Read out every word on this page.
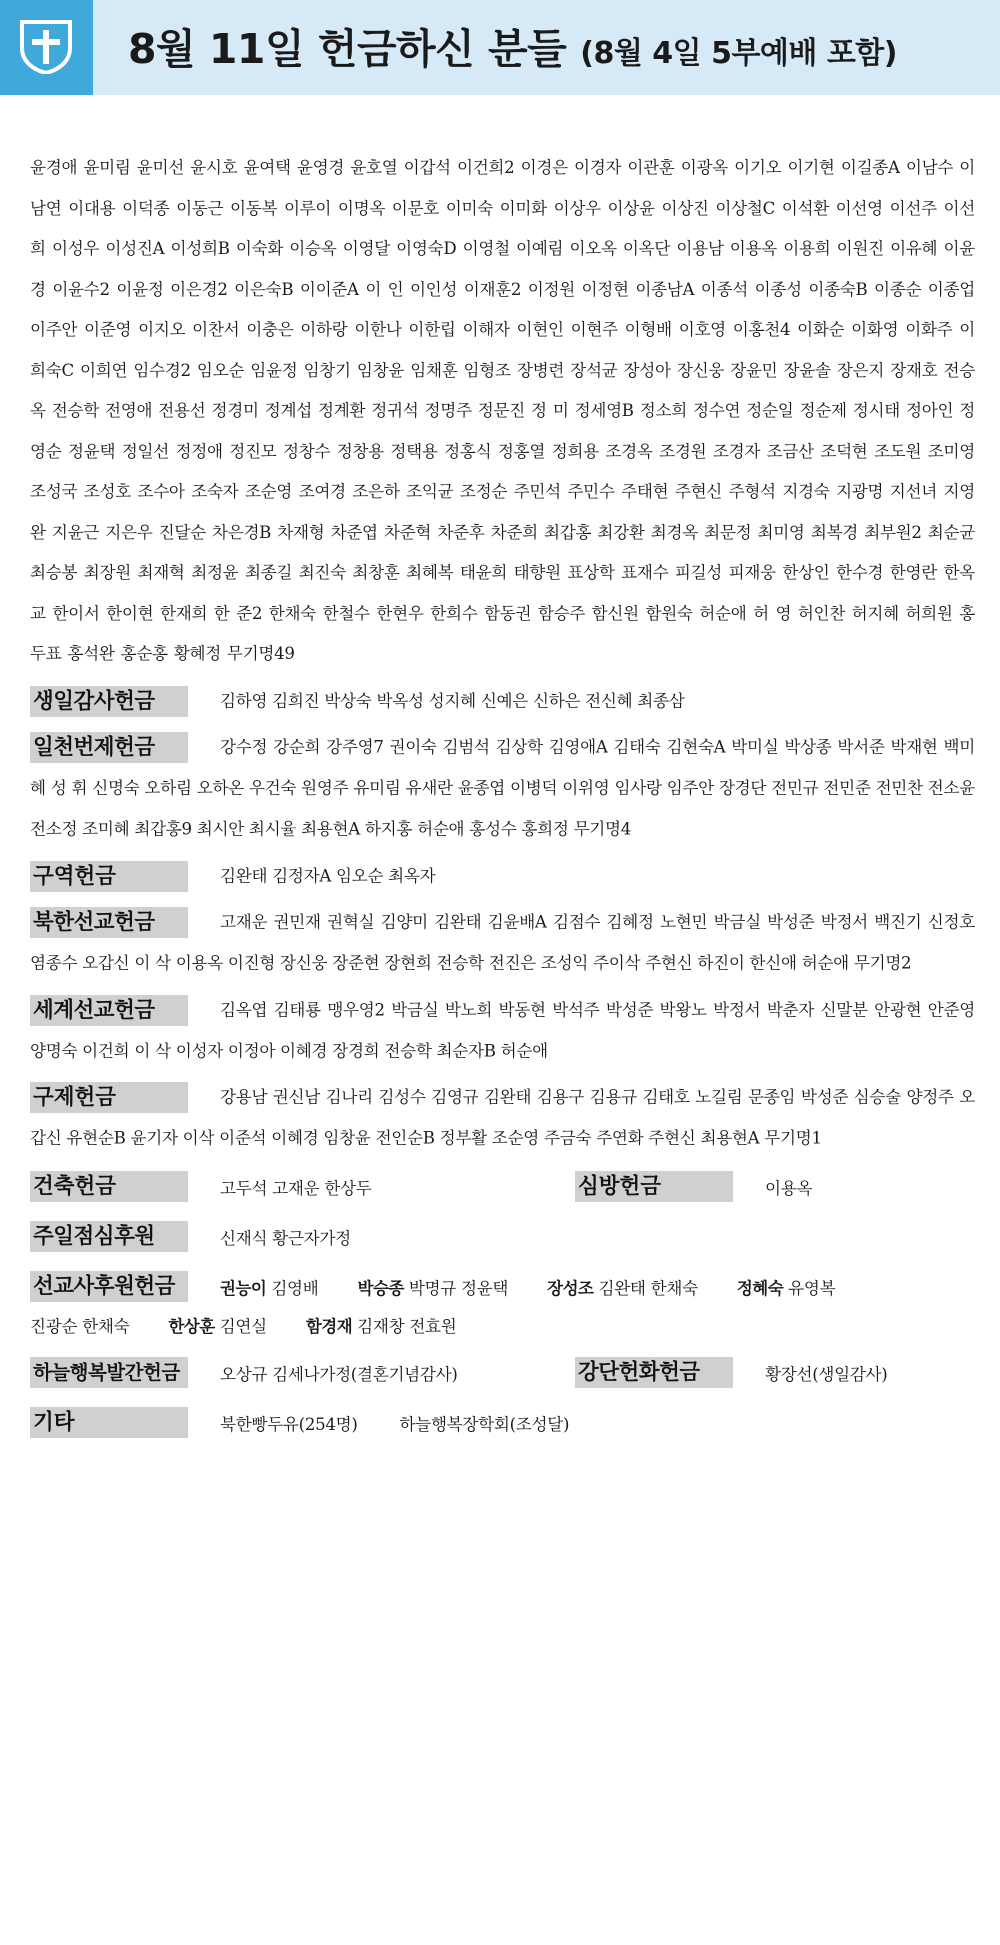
8월 11일 헌금하신 분들 (8월 4일 5부예배 포함)

윤경애 윤미림 윤미선 윤시호 윤여택 윤영경 윤호열 이갑석 이건희2 이경은 이경자 이관훈 이광옥 이기오 이기현 이길종A 이남수 이남연 이대용 이덕종 이동근 이동복 이루이 이명옥 이문호 이미숙 이미화 이상우 이상윤 이상진 이상철C 이석환 이선영 이선주 이선희 이성우 이성진A 이성희B 이숙화 이승옥 이영달 이영숙D 이영철 이예림 이오옥 이옥단 이용남 이용옥 이용희 이원진 이유혜 이윤경 이윤수2 이윤정 이은경2 이은숙B 이이준A 이 인 이인성 이재훈2 이정원 이정현 이종남A 이종석 이종성 이종숙B 이종순 이종업 이주안 이준영 이지오 이찬서 이충은 이하랑 이한나 이한립 이해자 이현인 이현주 이형배 이호영 이홍천4 이화순 이화영 이화주 이희숙C 이희연 임수경2 임오순 임윤정 임창기 임창윤 임채훈 임형조 장병련 장석균 장성아 장신웅 장윤민 장윤솔 장은지 장재호 전승옥 전승학 전영애 전용선 정경미 정계섭 정계환 정귀석 정명주 정문진 정 미 정세영B 정소희 정수연 정순일 정순제 정시태 정아인 정영순 정윤택 정일선 정정애 정진모 정창수 정창용 정택용 정홍식 정홍열 정희용 조경옥 조경원 조경자 조금산 조덕현 조도원 조미영 조성국 조성호 조수아 조숙자 조순영 조여경 조은하 조익균 조정순 주민석 주민수 주태현 주현신 주형석 지경숙 지광명 지선녀 지영완 지윤근 지은우 진달순 차은경B 차재형 차준엽 차준혁 차준후 차준희 최갑홍 최강환 최경옥 최문정 최미영 최복경 최부원2 최순균 최승봉 최장원 최재혁 최정윤 최종길 최진숙 최창훈 최혜복 태윤희 태향원 표상학 표재수 피길성 피재웅 한상인 한수경 한영란 한옥교 한이서 한이현 한재희 한 준2 한채숙 한철수 한현우 한희수 함동권 함승주 함신원 함원숙 허순애 허 영 허인찬 허지혜 허희원 홍두표 홍석완 홍순홍 황혜정 무기명49

생일감사헌금	김하영 김희진 박상숙 박옥성 성지혜 신예은 신하은 전신혜 최종삼
일천번제헌금	강수정 강순희 강주영7 권이숙 김범석 김상학 김영애A 김태숙 김현숙A 박미실 박상종 박서준 박재현 백미혜 성 휘 신명숙 오하림 오하온 우건숙 원영주 유미림 유새란 윤종엽 이병덕 이위영 임사랑 임주안 장경단 전민규 전민준 전민찬 전소윤 전소정 조미혜 최갑홍9 최시안 최시율 최용현A 하지홍 허순애 홍성수 홍희정 무기명4
구역헌금	김완태 김정자A 임오순 최옥자
북한선교헌금	고재운 권민재 권혁실 김양미 김완태 김윤배A 김점수 김혜정 노현민 박금실 박성준 박정서 백진기 신정호 염종수 오갑신 이 삭 이용옥 이진형 장신웅 장준현 장현희 전승학 전진은 조성익 주이삭 주현신 하진이 한신애 허순애 무기명2
세계선교헌금	김옥엽 김태룡 맹우영2 박금실 박노희 박동현 박석주 박성준 박왕노 박정서 박춘자 신말분 안광현 안준영 양명숙 이건희 이 삭 이성자 이정아 이혜경 장경희 전승학 최순자B 허순애
구제헌금	강용남 권신남 김나리 김성수 김영규 김완태 김용구 김용규 김태호 노길림 문종임 박성준 심승술 양정주 오갑신 유현순B 윤기자 이삭 이준석 이혜경 임창윤 전인순B 정부활 조순영 주금숙 주연화 주현신 최용현A 무기명1
건축헌금	고두석 고재운 한상두	심방헌금	이용옥
주일점심후원	신재식 황근자가정
선교사후원헌금	권능이 김영배 박승종 박명규 정윤택 장성조 김완태 한채숙 정혜숙 유영복
진광순 한채숙 한상훈 김연실 함경재 김재창 전효원
하늘행복발간헌금	오상규 김세나가정(결혼기념감사)	강단헌화헌금	황장선(생일감사)
기타	북한빵두유(254명)	하늘행복장학회(조성달)
